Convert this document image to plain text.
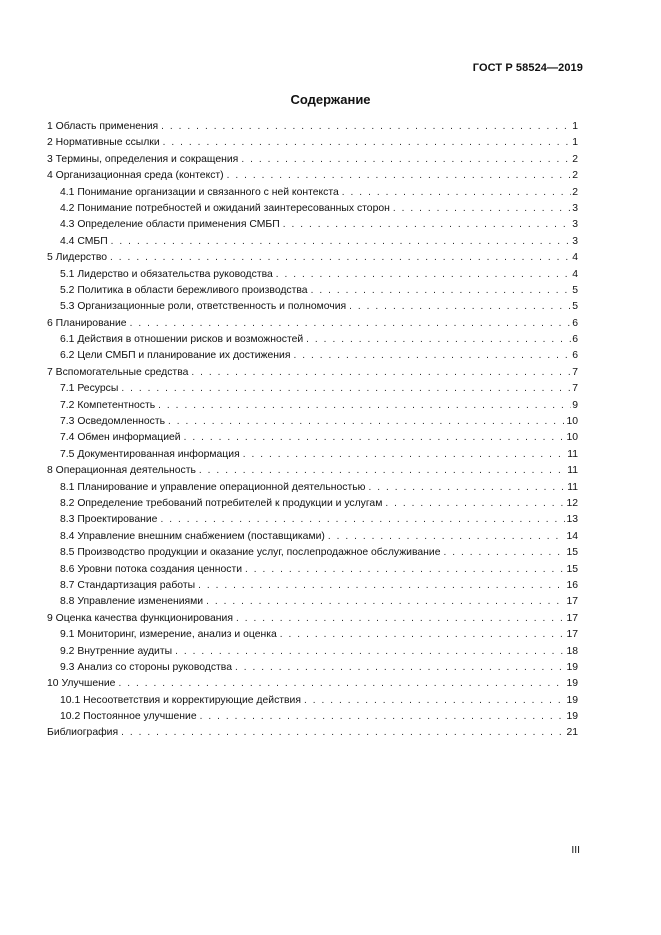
ГОСТ Р 58524—2019
Содержание
1 Область применения . . .	1
2 Нормативные ссылки . . .	1
3 Термины, определения и сокращения . . .	2
4 Организационная среда (контекст) . . .	2
4.1 Понимание организации и связанного с ней контекста . . .	2
4.2 Понимание потребностей и ожиданий заинтересованных сторон . . .	3
4.3 Определение области применения СМБП . . .	3
4.4 СМБП . . .	3
5 Лидерство . . .	4
5.1 Лидерство и обязательства руководства . . .	4
5.2 Политика в области бережливого производства . . .	5
5.3 Организационные роли, ответственность и полномочия . . .	5
6 Планирование . . .	6
6.1 Действия в отношении рисков и возможностей . . .	6
6.2 Цели СМБП и планирование их достижения . . .	6
7 Вспомогательные средства . . .	7
7.1 Ресурсы . . .	7
7.2 Компетентность . . .	9
7.3 Осведомленность . . .	10
7.4 Обмен информацией . . .	10
7.5 Документированная информация . . .	11
8 Операционная деятельность . . .	11
8.1 Планирование и управление операционной деятельностью . . .	11
8.2 Определение требований потребителей к продукции и услугам . . .	12
8.3 Проектирование . . .	13
8.4 Управление внешним снабжением (поставщиками) . . .	14
8.5 Производство продукции и оказание услуг, послепродажное обслуживание . . .	15
8.6 Уровни потока создания ценности . . .	15
8.7 Стандартизация работы . . .	16
8.8 Управление изменениями . . .	17
9 Оценка качества функционирования . . .	17
9.1 Мониторинг, измерение, анализ и оценка . . .	17
9.2 Внутренние аудиты . . .	18
9.3 Анализ со стороны руководства . . .	19
10 Улучшение . . .	19
10.1 Несоответствия и корректирующие действия . . .	19
10.2 Постоянное улучшение . . .	19
Библиография . . .	21
III
